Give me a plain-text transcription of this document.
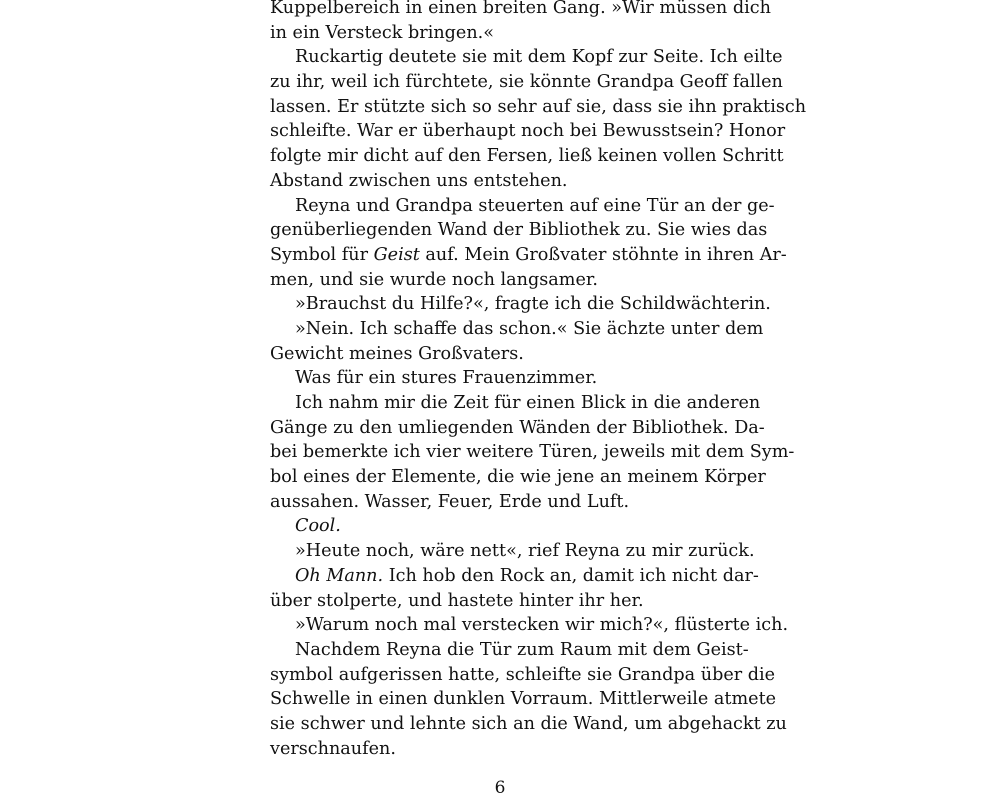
Kuppelbereich in einen breiten Gang. »Wir müssen dich
in ein Versteck bringen.«
Ruckartig deutete sie mit dem Kopf zur Seite. Ich eilte
zu ihr, weil ich fürchtete, sie könnte Grandpa Geoff fallen
lassen. Er stützte sich so sehr auf sie, dass sie ihn praktisch
schleifte. War er überhaupt noch bei Bewusstsein? Honor
folgte mir dicht auf den Fersen, ließ keinen vollen Schritt
Abstand zwischen uns entstehen.
Reyna und Grandpa steuerten auf eine Tür an der ge-
genüberliegenden Wand der Bibliothek zu. Sie wies das
Symbol für Geist auf. Mein Großvater stöhnte in ihren Ar-
men, und sie wurde noch langsamer.
»Brauchst du Hilfe?«, fragte ich die Schildwächterin.
»Nein. Ich schaffe das schon.« Sie ächzte unter dem
Gewicht meines Großvaters.
Was für ein stures Frauenzimmer.
Ich nahm mir die Zeit für einen Blick in die anderen
Gänge zu den umliegenden Wänden der Bibliothek. Da-
bei bemerkte ich vier weitere Türen, jeweils mit dem Sym-
bol eines der Elemente, die wie jene an meinem Körper
aussahen. Wasser, Feuer, Erde und Luft.
Cool.
»Heute noch, wäre nett«, rief Reyna zu mir zurück.
Oh Mann. Ich hob den Rock an, damit ich nicht dar-
über stolperte, und hastete hinter ihr her.
»Warum noch mal verstecken wir mich?«, flüsterte ich.
Nachdem Reyna die Tür zum Raum mit dem Geist-
symbol aufgerissen hatte, schleifte sie Grandpa über die
Schwelle in einen dunklen Vorraum. Mittlerweile atmete
sie schwer und lehnte sich an die Wand, um abgehackt zu
verschnaufen.
6
